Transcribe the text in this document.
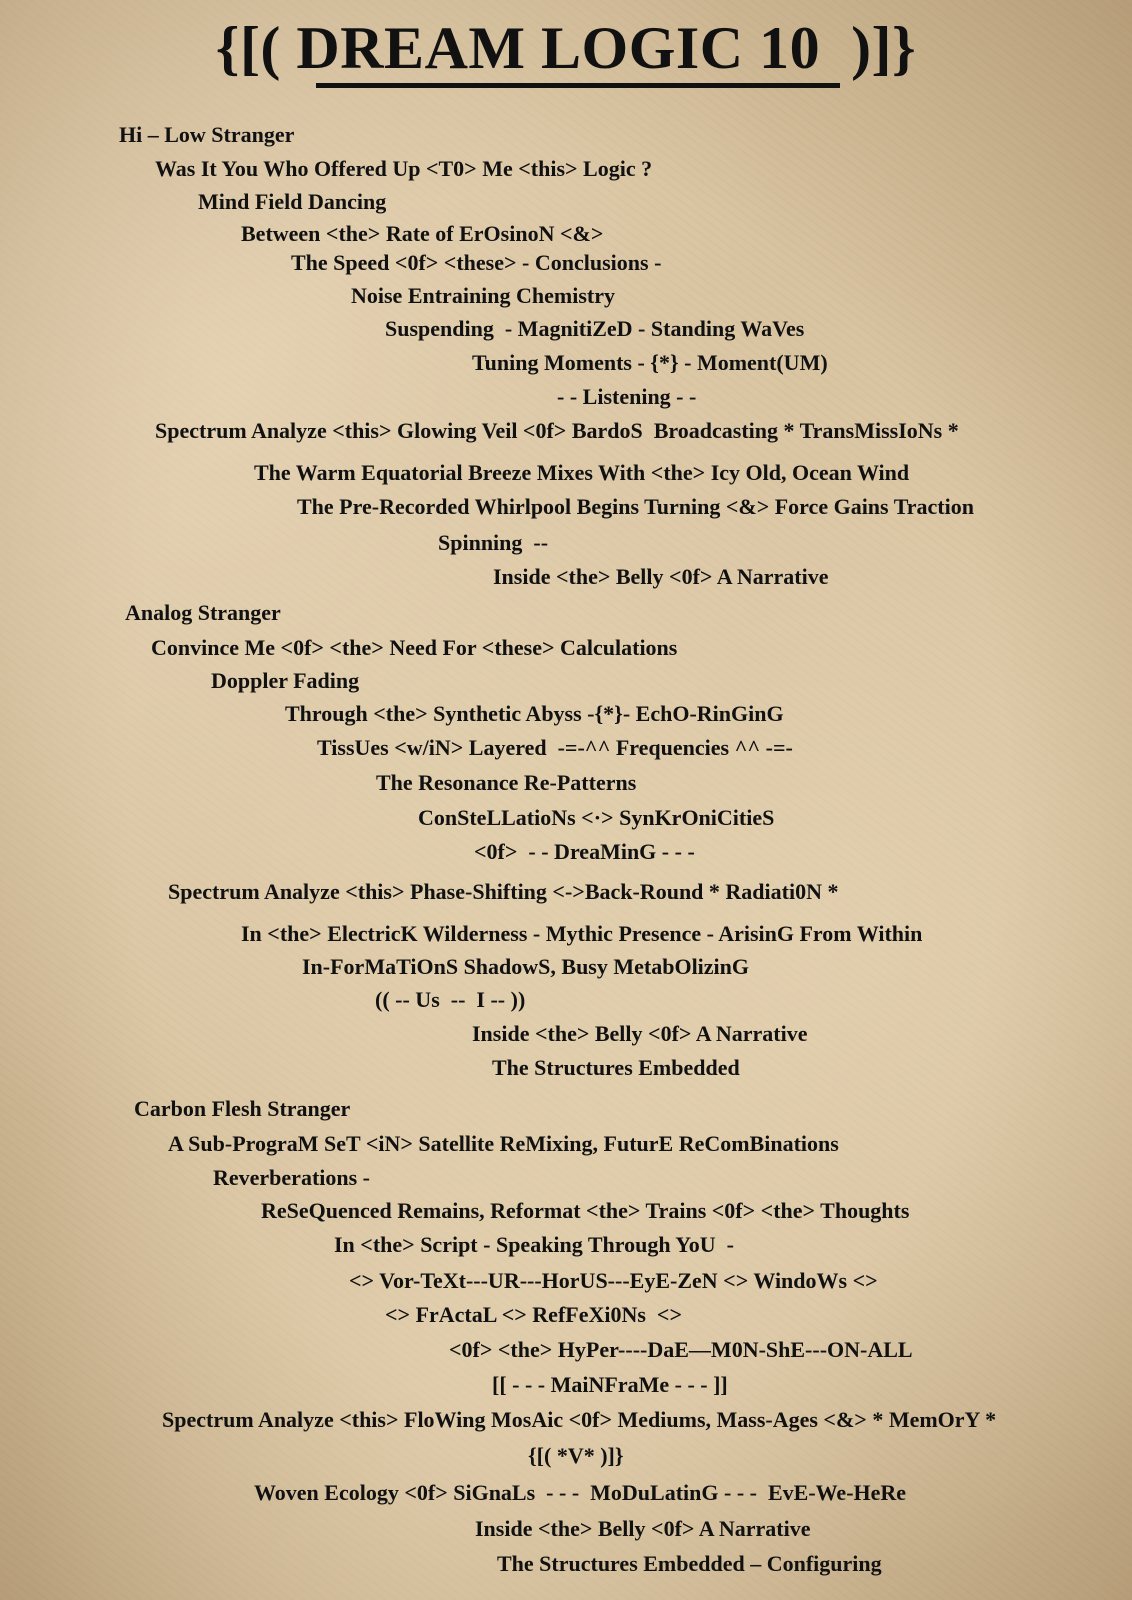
{[( DREAM LOGIC 10  )]}
Hi – Low Stranger
Was It You Who Offered Up <T0> Me <this> Logic ?
Mind Field Dancing
Between <the> Rate of ErOsinoN <&>
The Speed <0f> <these> - Conclusions -
Noise Entraining Chemistry
Suspending  - MagnitiZeD - Standing WaVes
Tuning Moments - {*} - Moment(UM)
- - Listening - -
Spectrum Analyze <this> Glowing Veil <0f> BardoS  Broadcasting * TransMissIoNs *
The Warm Equatorial Breeze Mixes With <the> Icy Old, Ocean Wind
The Pre-Recorded Whirlpool Begins Turning <&> Force Gains Traction
Spinning  --
Inside <the> Belly <0f> A Narrative
Analog Stranger
Convince Me <0f> <the> Need For <these> Calculations
Doppler Fading
Through <the> Synthetic Abyss -{*}- EchO-RinGinG
TissUes <w/iN> Layered  -=-^^ Frequencies ^^ -=-
The Resonance Re-Patterns
ConSteLLatioNs <·> SynKrOniCitieS
<0f>  - - DreaMinG - - -
Spectrum Analyze <this> Phase-Shifting <->Back-Round * Radiati0N *
In <the> ElectricK Wilderness - Mythic Presence - ArisinG From Within
In-ForMaTiOnS ShadowS, Busy MetabOlizinG
(( -- Us  --  I -- ))
Inside <the> Belly <0f> A Narrative
The Structures Embedded
Carbon Flesh Stranger
A Sub-PrograM SeT <iN> Satellite ReMixing, FuturE ReComBinations
Reverberations -
ReSeQuenced Remains, Reformat <the> Trains <0f> <the> Thoughts
In <the> Script - Speaking Through YoU  -
<> Vor-TeXt---UR---HorUS---EyE-ZeN <> WindoWs <>
<> FrActaL <> RefFeXi0Ns  <>
<0f> <the> HyPer----DaE—M0N-ShE---ON-ALL
[[ - - - MaiNFraMe - - - ]]
Spectrum Analyze <this> FloWing MosAic <0f> Mediums, Mass-Ages <&> * MemOrY *
{[( *V* )]}
Woven Ecology <0f> SiGnaLs  - - -  MoDuLatinG - - -  EvE-We-HeRe
Inside <the> Belly <0f> A Narrative
The Structures Embedded – Configuring
